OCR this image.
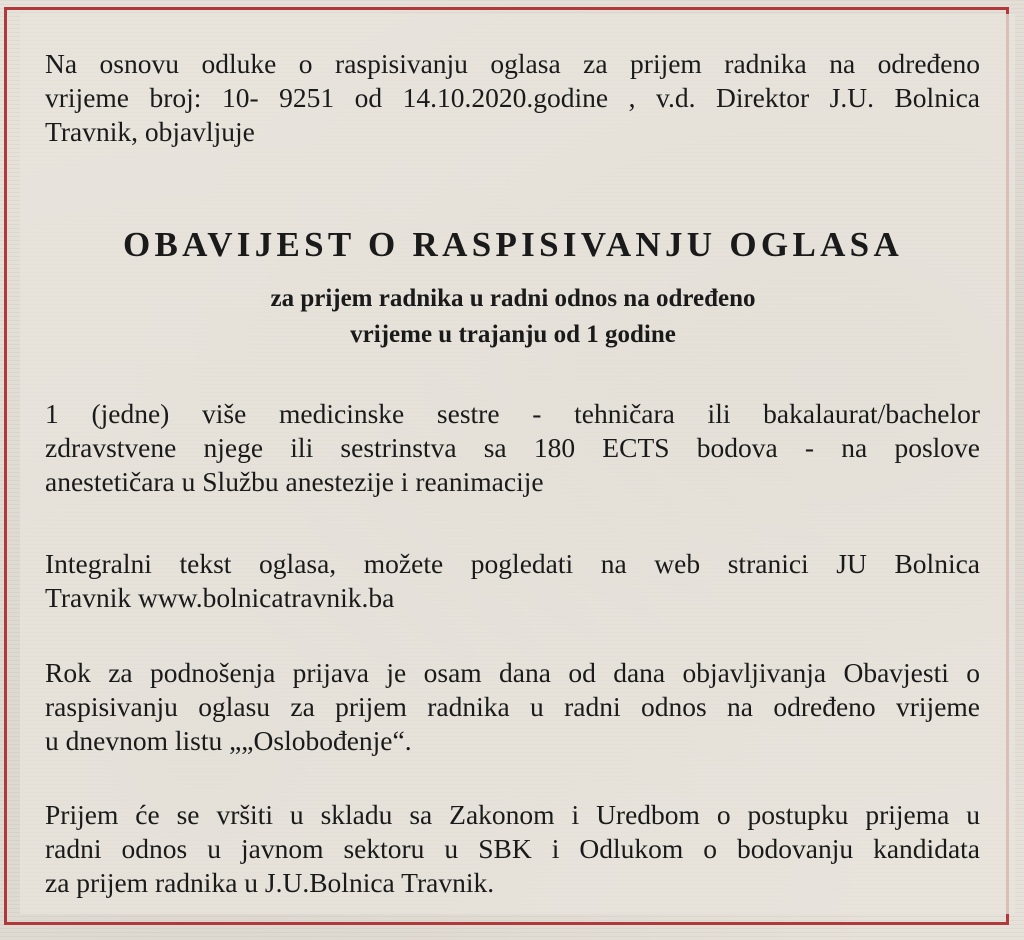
Na osnovu odluke o raspisivanju oglasa za prijem radnika na određeno
vrijeme broj: 10- 9251 od 14.10.2020.godine , v.d. Direktor J.U. Bolnica
Travnik, objavljuje

OBAVIJEST O RASPISIVANJU OGLASA

za prijem radnika u radni odnos na određeno
vrijeme u trajanju od 1 godine

1 (jedne) više medicinske sestre - tehničara ili bakalaurat/bachelor
zdravstvene njege ili sestrinstva sa 180 ECTS bodova - na poslove
anestetičara u Službu anestezije i reanimacije

Integralni tekst oglasa, možete pogledati na web stranici JU Bolnica
Travnik www.bolnicatravnik.ba

Rok za podnošenja prijava je osam dana od dana objavljivanja Obavjesti o
raspisivanju oglasu za prijem radnika u radni odnos na određeno vrijeme
u dnevnom listu „„Oslobođenje“.

Prijem će se vršiti u skladu sa Zakonom i Uredbom o postupku prijema u
radni odnos u javnom sektoru u SBK i Odlukom o bodovanju kandidata
za prijem radnika u J.U.Bolnica Travnik.
